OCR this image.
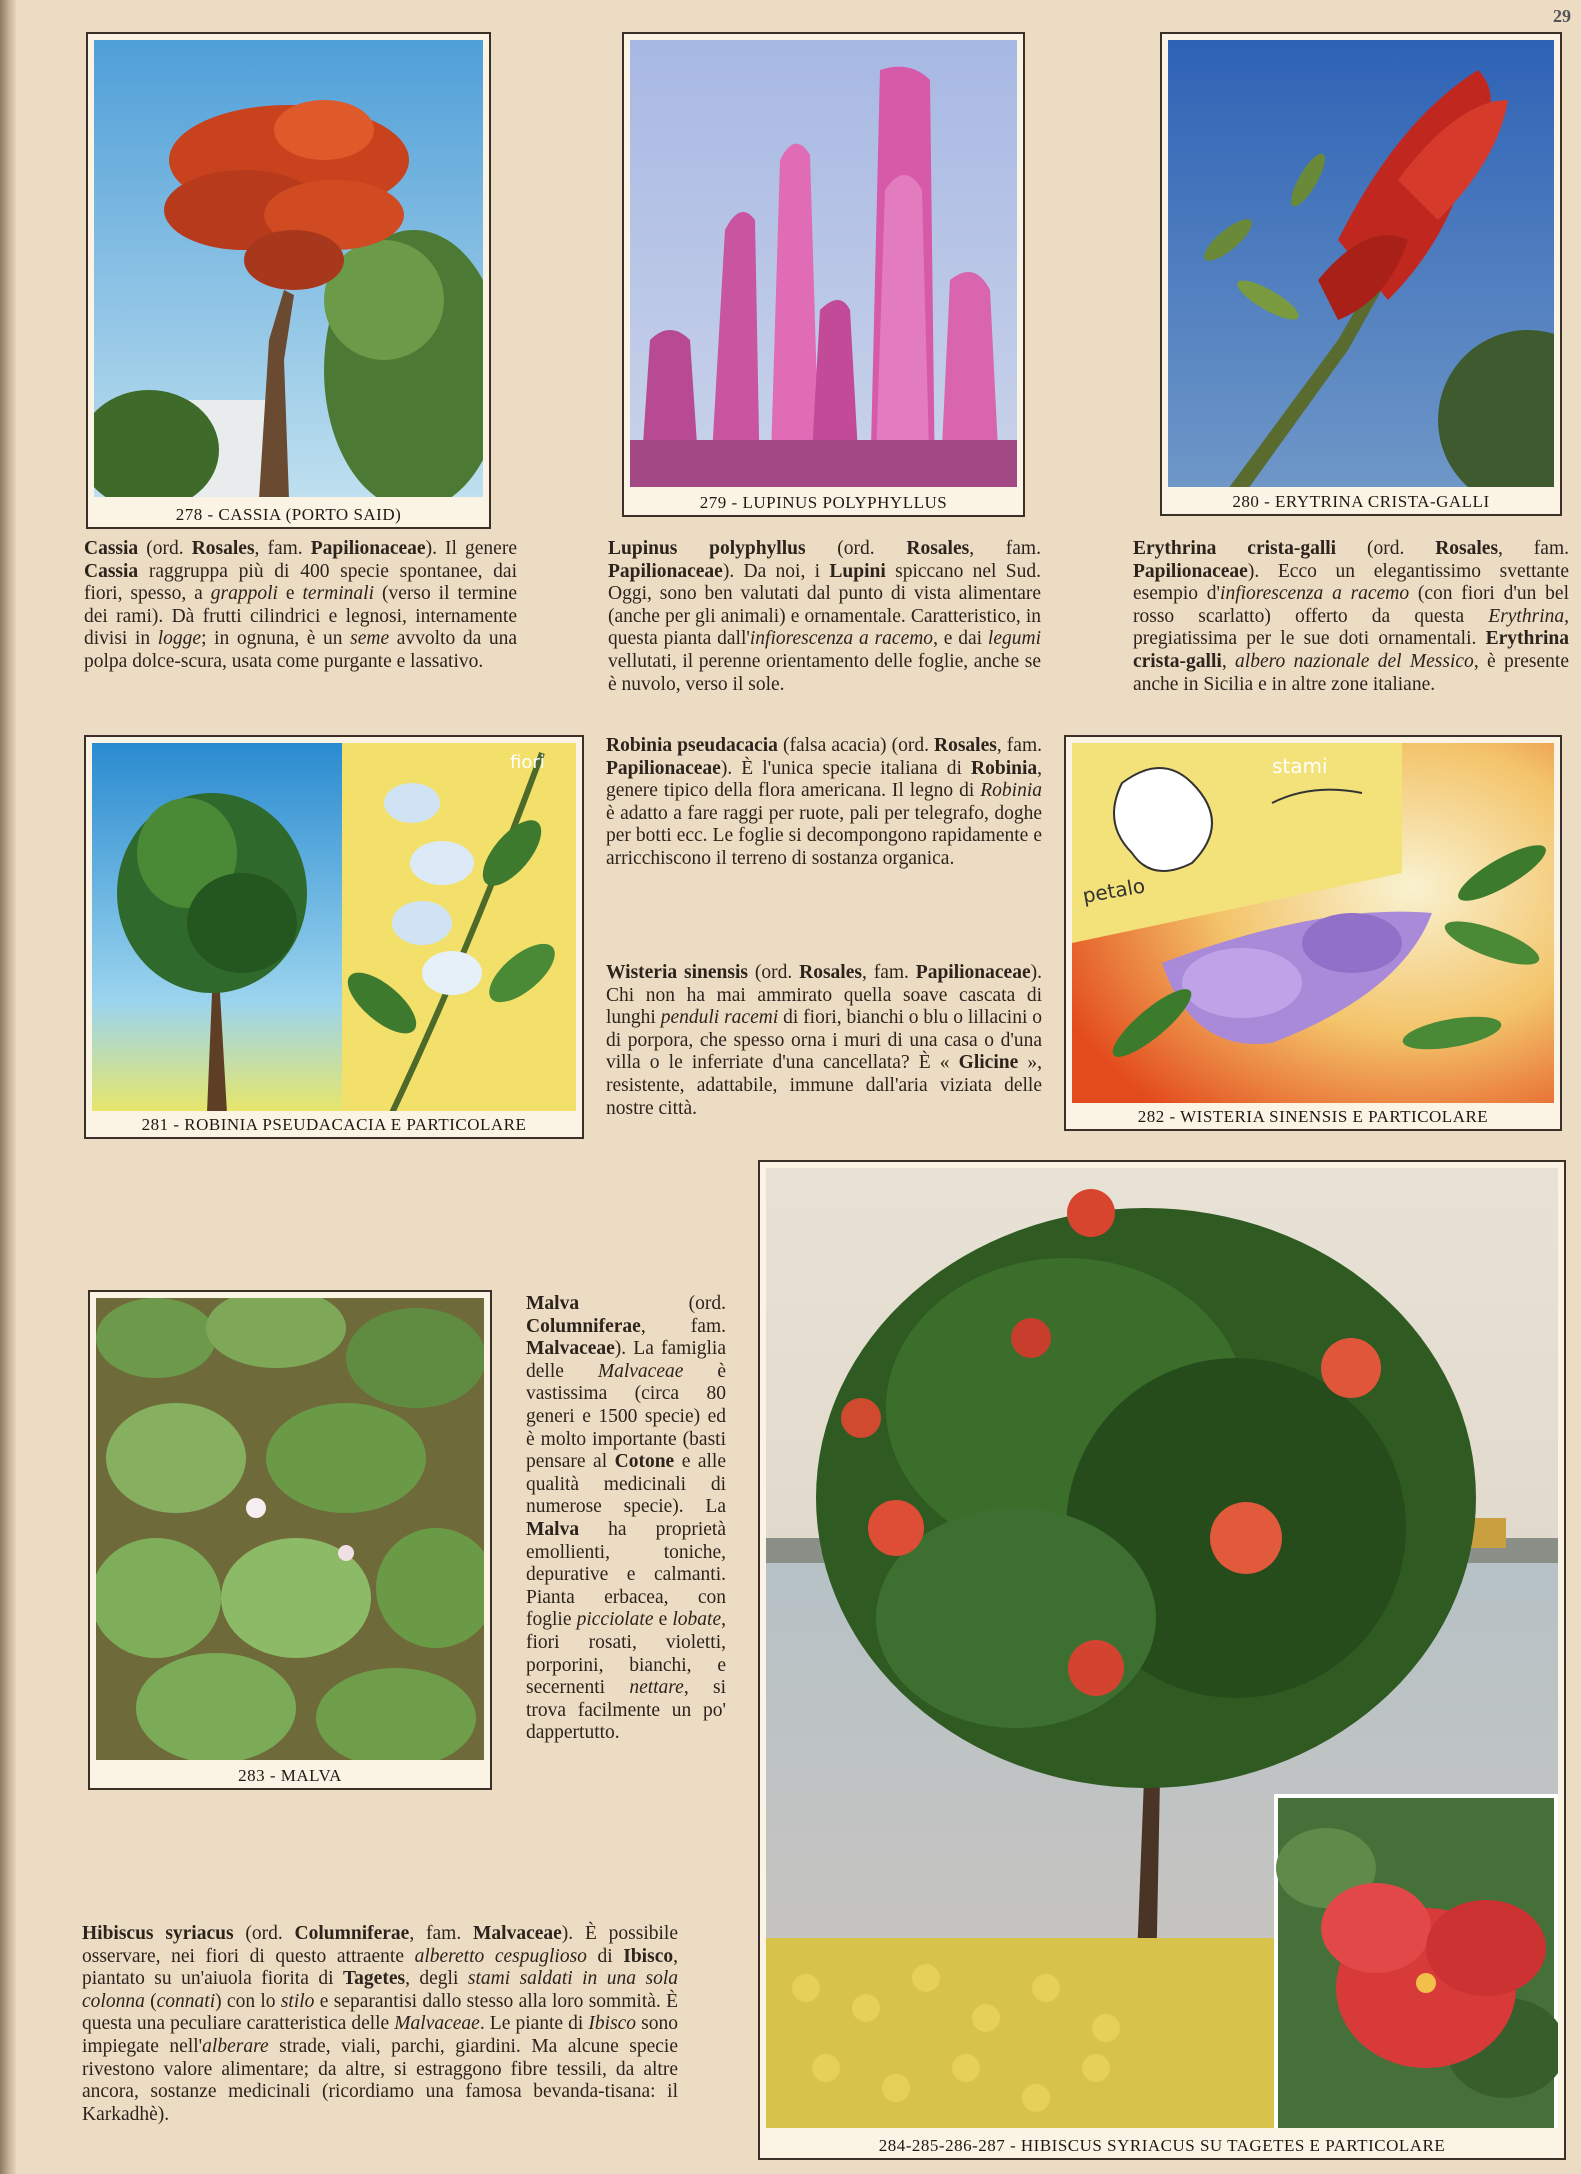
29
278 - CASSIA (PORTO SAID)
279 - LUPINUS POLYPHYLLUS	280 - ERYTRINA CRISTA-GALLI
Cassia (ord. Rosales, fam. Papilionaceae). Il genere Cassia raggruppa più di 400 specie spontanee, dai fiori, spesso, a grappoli e terminali (verso il termine dei rami). Dà frutti cilindrici e legnosi, internamente divisi in logge; in ognuna, è un seme avvolto da una polpa dolce-scura, usata come purgante e lassativo.
Lupinus polyphyllus (ord. Rosales, fam. Papilionaceae). Da noi, i Lupini spiccano nel Sud. Oggi, sono ben valutati dal punto di vista alimentare (anche per gli animali) e ornamentale. Caratteristico, in questa pianta dall'infiorescenza a racemo, e dai legumi vellutati, il perenne orientamento delle foglie, anche se è nuvolo, verso il sole.
Erythrina crista-galli (ord. Rosales, fam. Papilionaceae). Ecco un elegantissimo svettante esempio d'infiorescenza a racemo (con fiori d'un bel rosso scarlatto) offerto da questa Erythrina, pregiatissima per le sue doti ornamentali. Erythrina crista-galli, albero nazionale del Messico, è presente anche in Sicilia e in altre zone italiane.
fiori
281 - ROBINIA PSEUDACACIA E PARTICOLARE
Robinia pseudacacia (falsa acacia) (ord. Rosales, fam. Papilionaceae). È l'unica specie italiana di Robinia, genere tipico della flora americana. Il legno di Robinia è adatto a fare raggi per ruote, pali per telegrafo, doghe per botti ecc. Le foglie si decompongono rapidamente e arricchiscono il terreno di sostanza organica.
stami
petalo
282 - WISTERIA SINENSIS E PARTICOLARE
Wisteria sinensis (ord. Rosales, fam. Papilionaceae). Chi non ha mai ammirato quella soave cascata di lunghi penduli racemi di fiori, bianchi o blu o lillacini o di porpora, che spesso orna i muri di una casa o d'una villa o le inferriate d'una cancellata? È « Glicine », resistente, adattabile, immune dall'aria viziata delle nostre città.
283 - MALVA
Malva (ord. Columniferae, fam. Malvaceae). La famiglia delle Malvaceae è vastissima (circa 80 generi e 1500 specie) ed è molto importante (basti pensare al Cotone e alle qualità medicinali di numerose specie). La Malva ha proprietà emollienti, toniche, depurative e calmanti. Pianta erbacea, con foglie picciolate e lobate, fiori rosati, violetti, porporini, bianchi, e secernenti nettare, si trova facilmente un po' dappertutto.
284-285-286-287 - HIBISCUS SYRIACUS SU TAGETES E PARTICOLARE
Hibiscus syriacus (ord. Columniferae, fam. Malvaceae). È possibile osservare, nei fiori di questo attraente alberetto cespuglioso di Ibisco, piantato su un'aiuola fiorita di Tagetes, degli stami saldati in una sola colonna (connati) con lo stilo e separantisi dallo stesso alla loro sommità. È questa una peculiare caratteristica delle Malvaceae. Le piante di Ibisco sono impiegate nell'alberare strade, viali, parchi, giardini. Ma alcune specie rivestono valore alimentare; da altre, si estraggono fibre tessili, da altre ancora, sostanze medicinali (ricordiamo una famosa bevanda-tisana: il Karkadhè).
